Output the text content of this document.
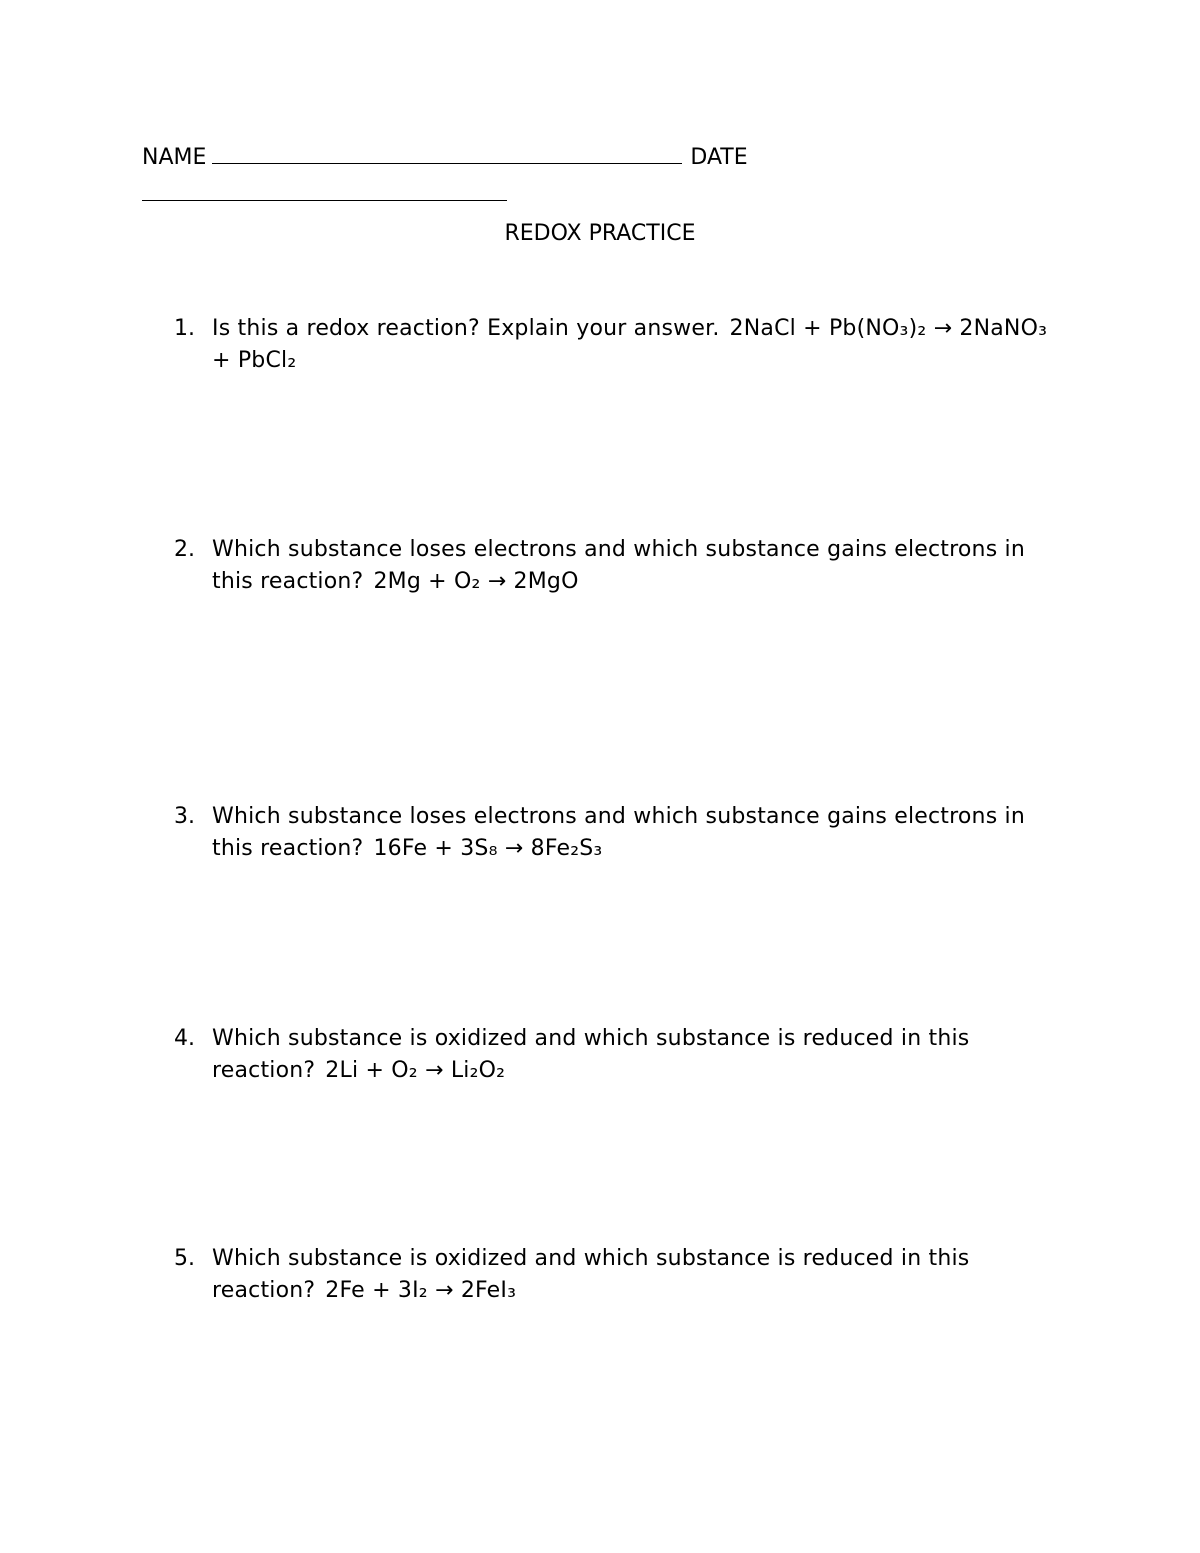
NAME	DATE
REDOX PRACTICE
1. Is this a redox reaction? Explain your answer. 2NaCl + Pb(NO₃)₂ → 2NaNO₃ + PbCl₂
2. Which substance loses electrons and which substance gains electrons in this reaction? 2Mg + O₂ → 2MgO
3. Which substance loses electrons and which substance gains electrons in this reaction? 16Fe + 3S₈ → 8Fe₂S₃
4. Which substance is oxidized and which substance is reduced in this reaction? 2Li + O₂ → Li₂O₂
5. Which substance is oxidized and which substance is reduced in this reaction? 2Fe + 3I₂ → 2FeI₃
